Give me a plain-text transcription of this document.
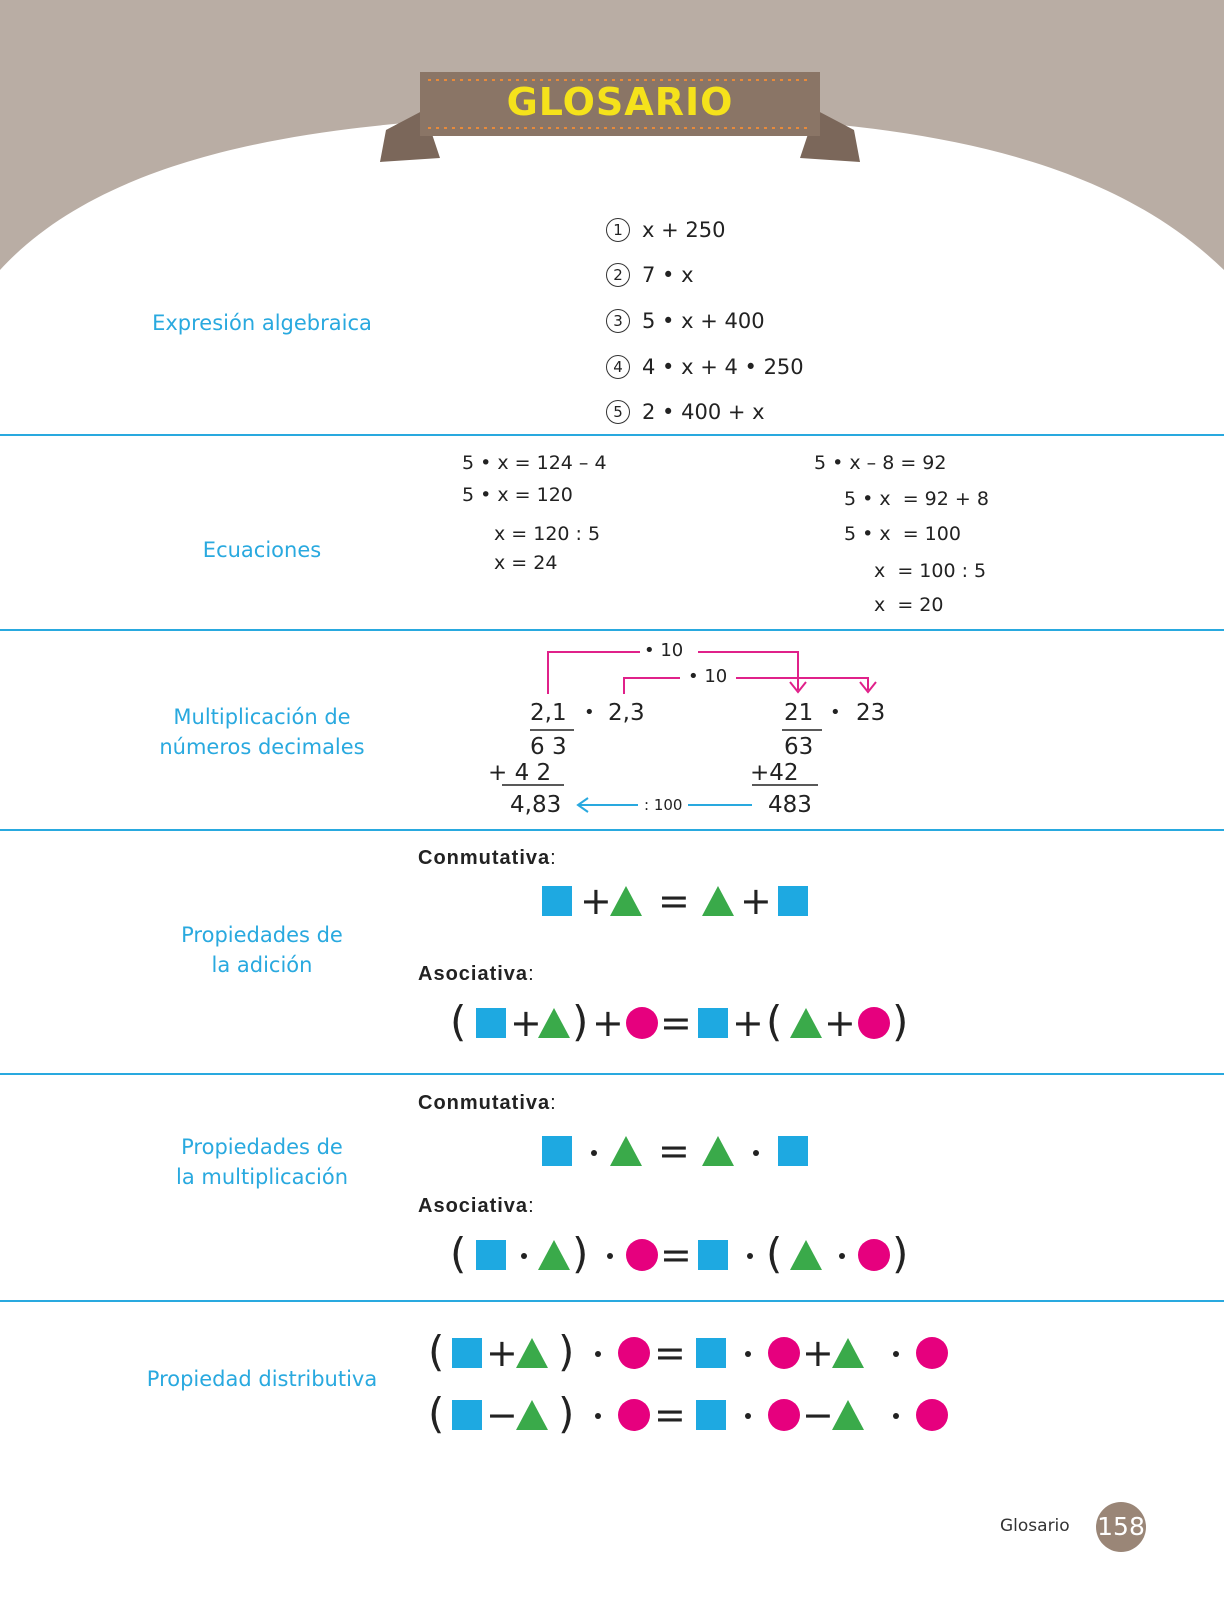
GLOSARIO
Expresión algebraica
1 x + 250
2 7 • x
3 5 • x + 400
4 4 • x + 4 • 250
5 2 • 400 + x
Ecuaciones
5 • x = 124 – 4
5 • x = 120
x = 120 : 5
x = 24
5 • x – 8 = 92
5 • x  = 92 + 8
5 • x  = 100
x  = 100 : 5
x  = 20
Multiplicación de
números decimales
• 10
• 10
: 100
2,1 • 2,3
6 3
+ 4 2
4,83
21 • 23
63
+42
483
Propiedades de
la adición
Conmutativa:
Asociativa:
+ = +
( + ) + = + ( + )
Propiedades de
la multiplicación
Conmutativa:
Asociativa:
=
(	) = (	)
Propiedad distributiva
( + ) =	+
( − ) =	−
Glosario 158
